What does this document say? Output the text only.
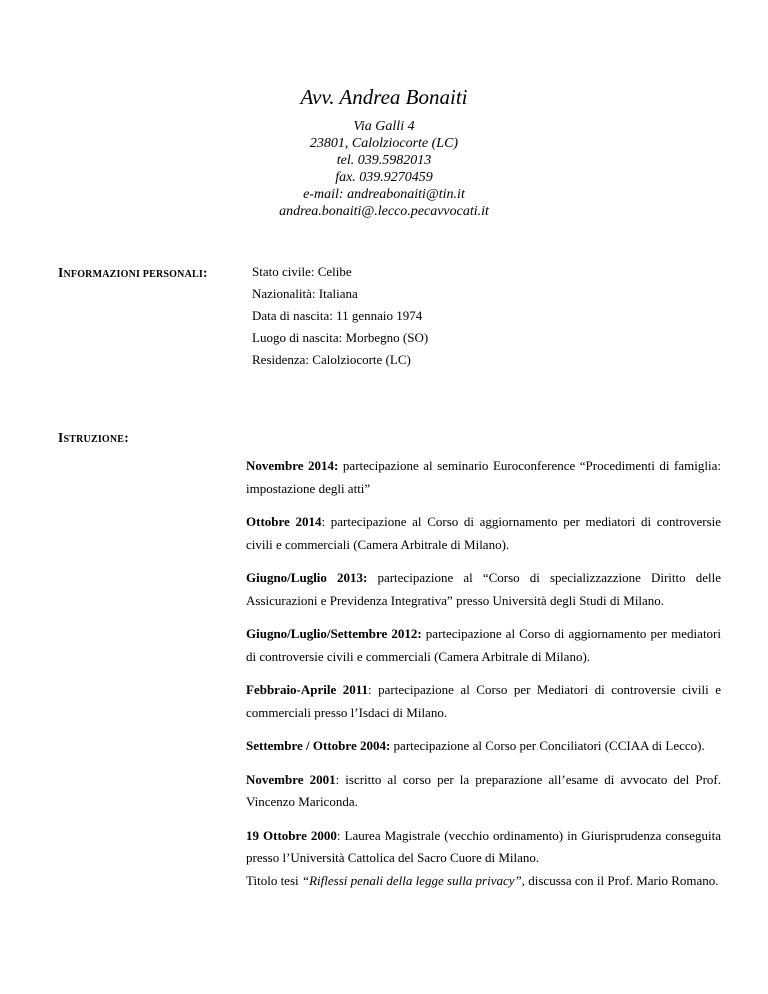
Avv. Andrea Bonaiti

Via Galli 4

23801, Calolziocorte (LC)

tel. 039.5982013

fax. 039.9270459

e-mail: andreabonaiti@tin.it

andrea.bonaiti@.lecco.pecavvocati.it

INFORMAZIONI PERSONALI:	Stato civile: Celibe

Nazionalità: Italiana

Data di nascita: 11 gennaio 1974

Luogo di nascita: Morbegno (SO)

Residenza: Calolziocorte (LC)

ISTRUZIONE:

Novembre 2014: partecipazione al seminario Euroconference “Procedimenti di famiglia: impostazione degli atti”

Ottobre 2014: partecipazione al Corso di aggiornamento per mediatori di controversie civili e commerciali (Camera Arbitrale di Milano).

Giugno/Luglio 2013: partecipazione al “Corso di specializzazzione Diritto delle Assicurazioni e Previdenza Integrativa” presso Università degli Studi di Milano.

Giugno/Luglio/Settembre 2012: partecipazione al Corso di aggiornamento per mediatori di controversie civili e commerciali (Camera Arbitrale di Milano).

Febbraio-Aprile 2011: partecipazione al Corso per Mediatori di controversie civili e commerciali presso l’Isdaci di Milano.

Settembre / Ottobre 2004: partecipazione al Corso per Conciliatori (CCIAA di Lecco).

Novembre 2001: iscritto al corso per la preparazione all’esame di avvocato del Prof. Vincenzo Mariconda.

19 Ottobre 2000: Laurea Magistrale (vecchio ordinamento) in Giurisprudenza conseguita presso l’Università Cattolica del Sacro Cuore di Milano.
Titolo tesi “Riflessi penali della legge sulla privacy”, discussa con il Prof. Mario Romano.
